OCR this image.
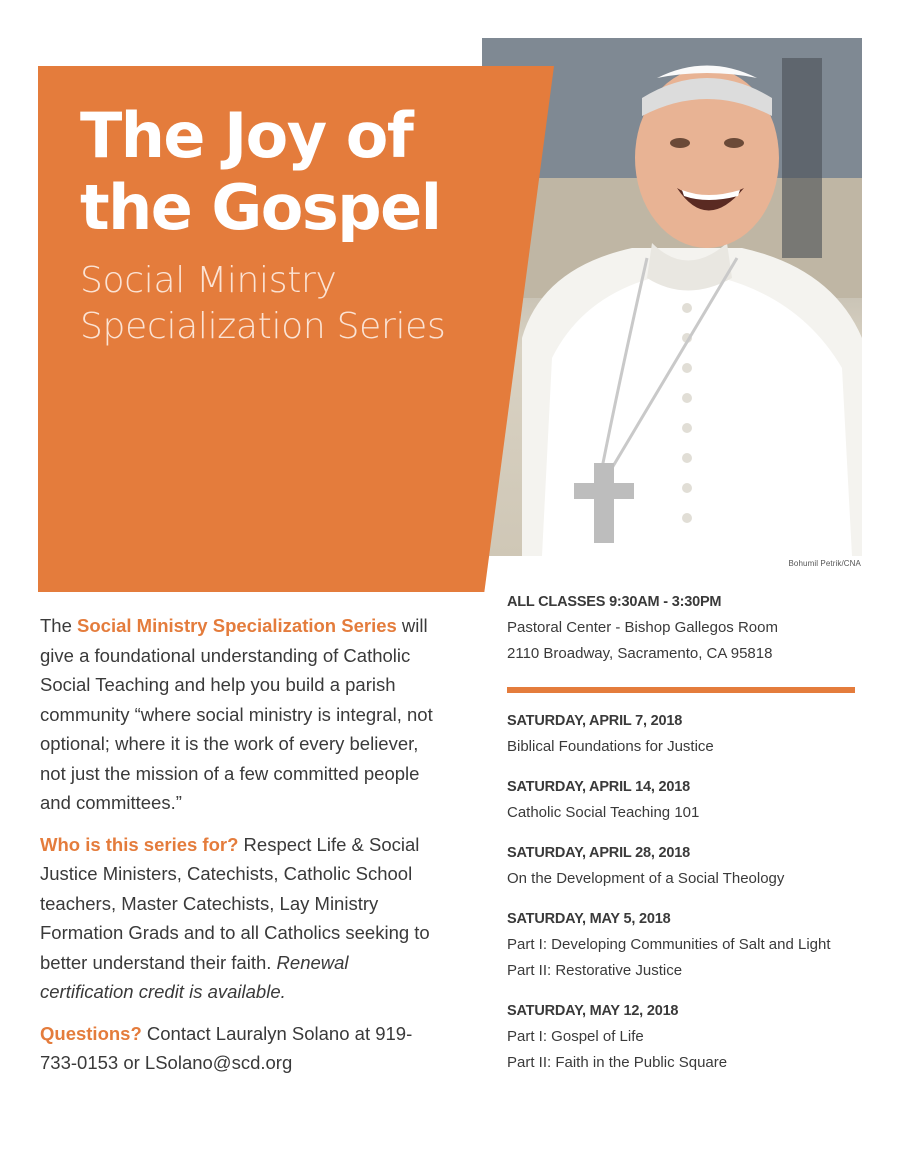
Bohumil Petrik/CNA
The Joy of the Gospel
Social Ministry Specialization Series

The Social Ministry Specialization Series will give a foundational understanding of Catholic Social Teaching and help you build a parish community “where social ministry is integral, not optional; where it is the work of every believer, not just the mission of a few committed people and committees.”

Who is this series for? Respect Life & Social Justice Ministers, Catechists, Catholic School teachers, Master Catechists, Lay Ministry Formation Grads and to all Catholics seeking to better understand their faith. Renewal certification credit is available.

Questions? Contact Lauralyn Solano at 919-733-0153 or LSolano@scd.org

ALL CLASSES 9:30AM - 3:30PM
Pastoral Center - Bishop Gallegos Room
2110 Broadway, Sacramento, CA 95818
SATURDAY, APRIL 7, 2018
Biblical Foundations for Justice
SATURDAY, APRIL 14, 2018
Catholic Social Teaching 101
SATURDAY, APRIL 28, 2018
On the Development of a Social Theology
SATURDAY, MAY 5, 2018
Part I: Developing Communities of Salt and Light
Part II: Restorative Justice
SATURDAY, MAY 12, 2018
Part I: Gospel of Life
Part II: Faith in the Public Square
